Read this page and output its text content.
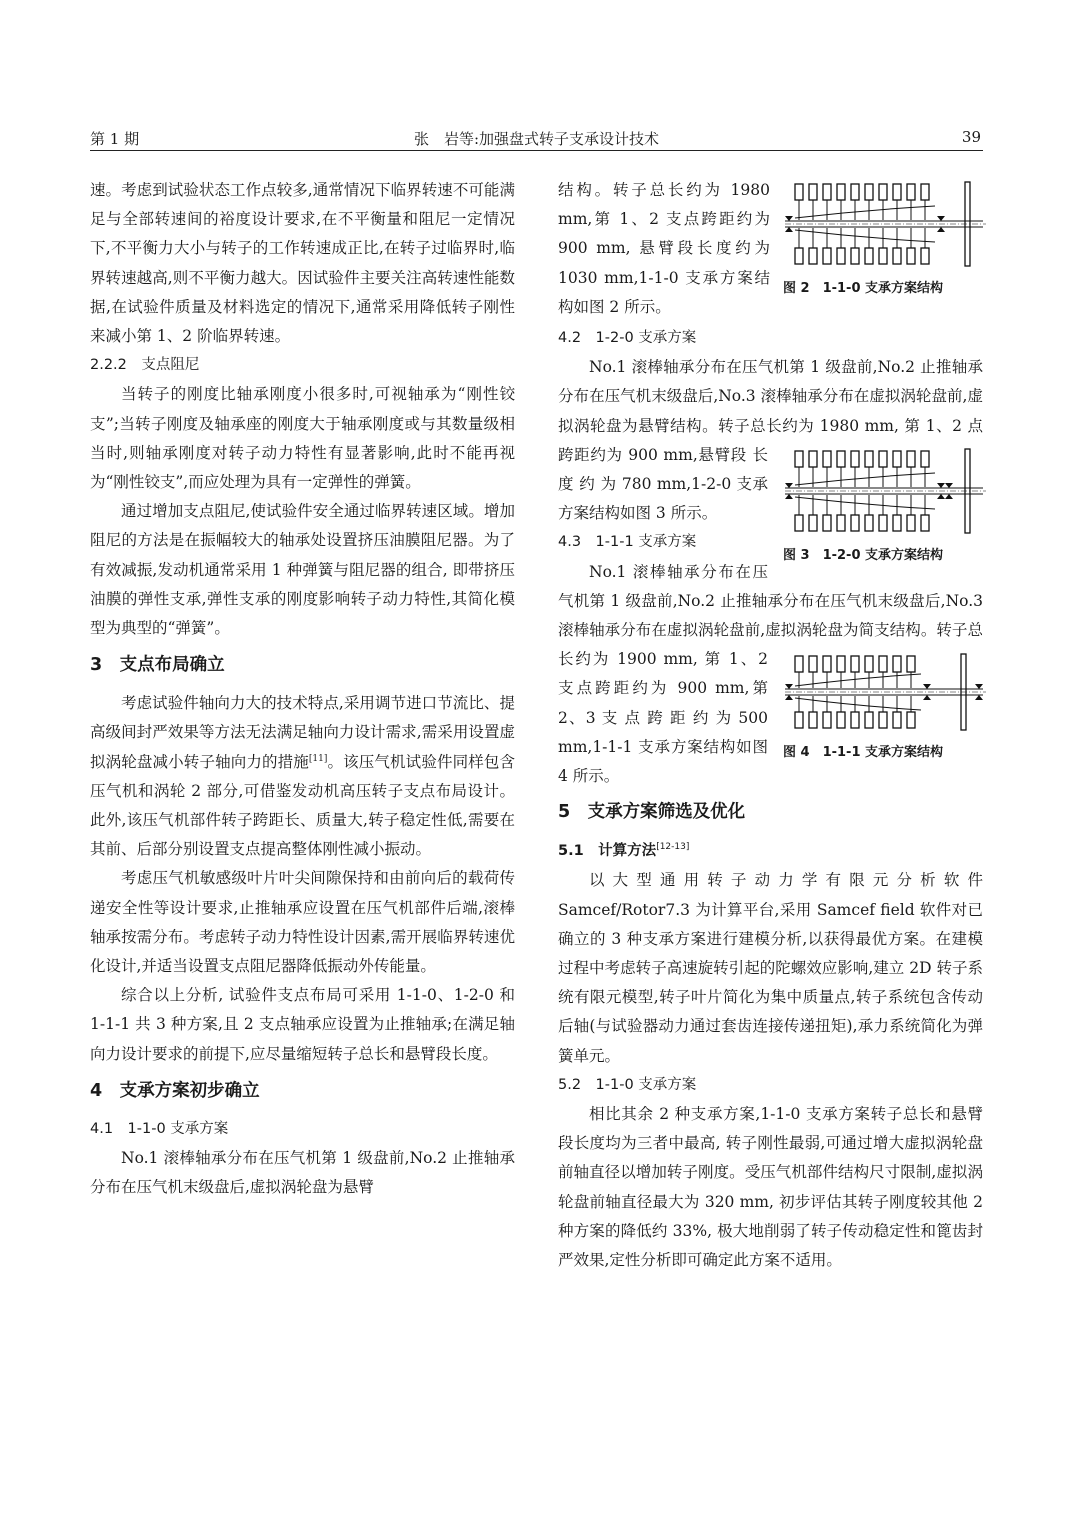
第 1 期	张　岩等:加强盘式转子支承设计技术	39

速。考虑到试验状态工作点较多,通常情况下临界转速不可能满足与全部转速间的裕度设计要求,在不平衡量和阻尼一定情况下,不平衡力大小与转子的工作转速成正比,在转子过临界时,临界转速越高,则不平衡力越大。因试验件主要关注高转速性能数据,在试验件质量及材料选定的情况下,通常采用降低转子刚性来减小第 1、2 阶临界转速。

2.2.2　支点阻尼

当转子的刚度比轴承刚度小很多时,可视轴承为“刚性铰支”;当转子刚度及轴承座的刚度大于轴承刚度或与其数量级相当时,则轴承刚度对转子动力特性有显著影响,此时不能再视为“刚性铰支”,而应处理为具有一定弹性的弹簧。

通过增加支点阻尼,使试验件安全通过临界转速区域。增加阻尼的方法是在振幅较大的轴承处设置挤压油膜阻尼器。为了有效减振,发动机通常采用 1 种弹簧与阻尼器的组合, 即带挤压油膜的弹性支承,弹性支承的刚度影响转子动力特性,其简化模型为典型的“弹簧”。

3　支点布局确立

考虑试验件轴向力大的技术特点,采用调节进口节流比、提高级间封严效果等方法无法满足轴向力设计需求,需采用设置虚拟涡轮盘减小转子轴向力的措施[11]。该压气机试验件同样包含压气机和涡轮 2 部分,可借鉴发动机高压转子支点布局设计。此外,该压气机部件转子跨距长、质量大,转子稳定性低,需要在其前、后部分别设置支点提高整体刚性减小振动。

考虑压气机敏感级叶片叶尖间隙保持和由前向后的载荷传递安全性等设计要求,止推轴承应设置在压气机部件后端,滚棒轴承按需分布。考虑转子动力特性设计因素,需开展临界转速优化设计,并适当设置支点阻尼器降低振动外传能量。

综合以上分析, 试验件支点布局可采用 1-1-0、1-2-0 和 1-1-1 共 3 种方案,且 2 支点轴承应设置为止推轴承;在满足轴向力设计要求的前提下,应尽量缩短转子总长和悬臂段长度。

4　支承方案初步确立

4.1　1-1-0 支承方案

No.1 滚棒轴承分布在压气机第 1 级盘前,No.2 止推轴承分布在压气机末级盘后,虚拟涡轮盘为悬臂

图 2　1-1-0 支承方案结构

结构。转子总长约为 1980 mm,第 1、2 支点跨距约为 900 mm, 悬臂段长度约为 1030 mm,1-1-0 支承方案结构如图 2 所示。

4.2　1-2-0 支承方案

图 3　1-2-0 支承方案结构

No.1 滚棒轴承分布在压气机第 1 级盘前,No.2 止推轴承分布在压气机末级盘后,No.3 滚棒轴承分布在虚拟涡轮盘前,虚拟涡轮盘为悬臂结构。转子总长约为 1980 mm, 第 1、2 点跨距约为 900 mm,悬臂段 长 度 约 为 780 mm,1-2-0 支承方案结构如图 3 所示。

4.3　1-1-1 支承方案

图 4　1-1-1 支承方案结构

No.1 滚棒轴承分布在压气机第 1 级盘前,No.2 止推轴承分布在压气机末级盘后,No.3 滚棒轴承分布在虚拟涡轮盘前,虚拟涡轮盘为简支结构。转子总长约为 1900 mm, 第 1、2 支点跨距约为 900 mm,第 2、3 支 点 跨 距 约 为 500 mm,1-1-1 支承方案结构如图 4 所示。

5　支承方案筛选及优化

5.1　计算方法[12-13]

以大型通用转子动力学有限元分析软件 Samcef/Rotor7.3 为计算平台,采用 Samcef field 软件对已确立的 3 种支承方案进行建模分析,以获得最优方案。在建模过程中考虑转子高速旋转引起的陀螺效应影响,建立 2D 转子系统有限元模型,转子叶片简化为集中质量点,转子系统包含传动后轴(与试验器动力通过套齿连接传递扭矩),承力系统简化为弹簧单元。

5.2　1-1-0 支承方案

相比其余 2 种支承方案,1-1-0 支承方案转子总长和悬臂段长度均为三者中最高, 转子刚性最弱,可通过增大虚拟涡轮盘前轴直径以增加转子刚度。受压气机部件结构尺寸限制,虚拟涡轮盘前轴直径最大为 320 mm, 初步评估其转子刚度较其他 2 种方案的降低约 33%, 极大地削弱了转子传动稳定性和篦齿封严效果,定性分析即可确定此方案不适用。
